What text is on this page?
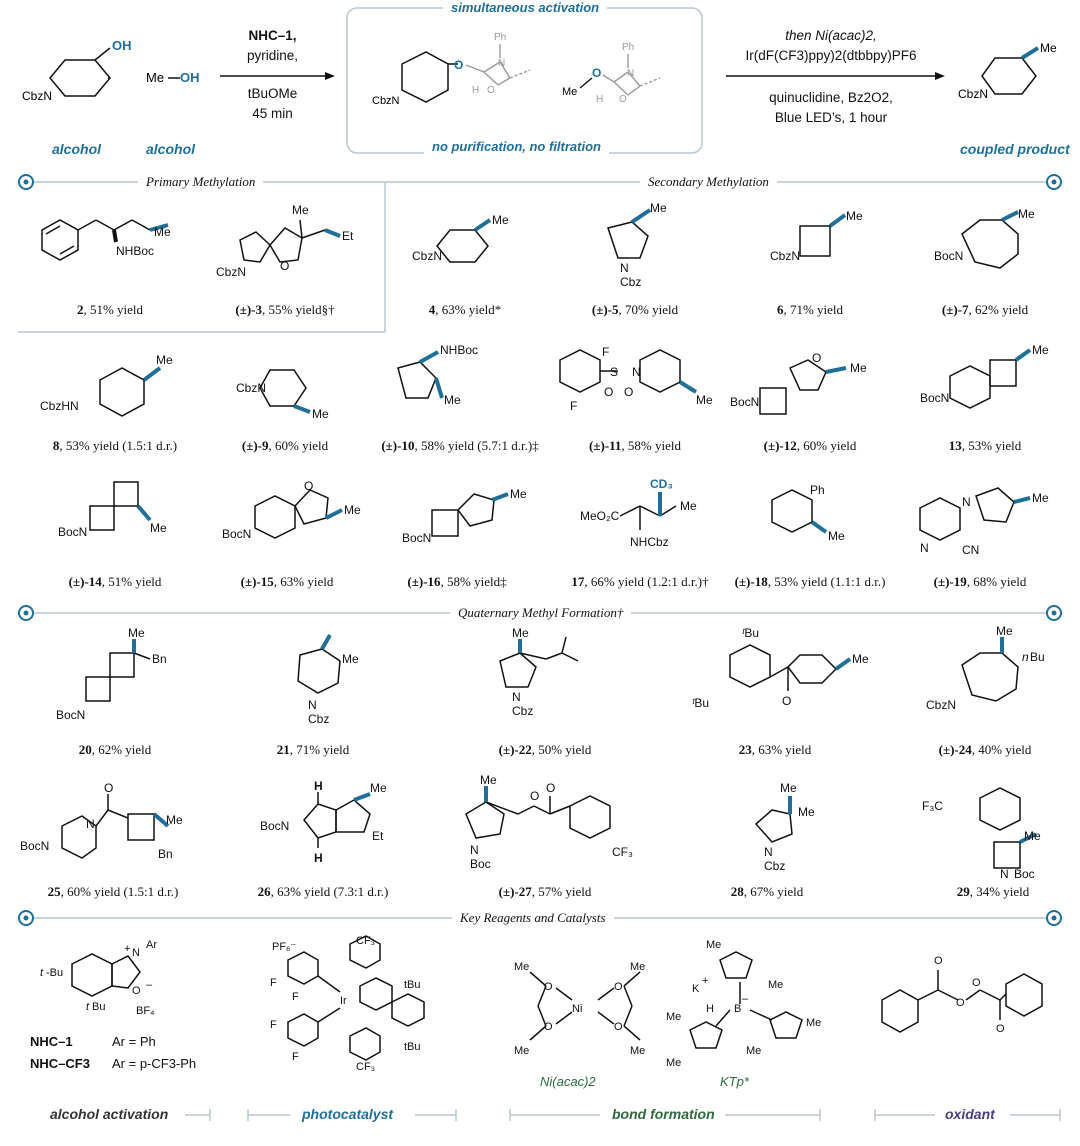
OH
CbzN
Me OH
O
CbzN
Ph
N
O
H	Me
O
Ph
N
O
H
Me
CbzN
alcohol	alcohol
NHC–1,
pyridine,
tBuOMe
45 min
simultaneous activation
no purification, no filtration
then Ni(acac)2,
Ir(dF(CF3)ppy)2(dtbbpy)PF6
quinuclidine, Bz2O2,
Blue LED’s, 1 hour
coupled product
Primary Methylation	Secondary Methylation
Quaternary Methyl Formation†
Key Reagents and Catalysts
Me
NHBoc
CbzN	O
Me
Et
CbzN
Me
N
Cbz
Me
CbzN
Me
BocN
Me
2, 51% yield	(±)-3, 55% yield§†	4, 63% yield*	(±)-5, 70% yield	6, 71% yield	(±)-7, 62% yield
CbzHN
Me
CbzN
Me
NHBoc
Me
F
F
S
O O
N
Me
O
BocN
Me
BocN
Me
8, 53% yield (1.5:1 d.r.)	(±)-9, 60% yield	(±)-10, 58% yield (5.7:1 d.r.)‡	(±)-11, 58% yield	(±)-12, 60% yield	13, 53% yield
BocN	Me	BocN
O
Me
BocN
Me
MeO₂C
NHCbz
Me
CD₃	Ph
Me
N
N
CN
Me
(±)-14, 51% yield	(±)-15, 63% yield	(±)-16, 58% yield‡	17, 66% yield (1.2:1 d.r.)†	(±)-18, 53% yield (1.1:1 d.r.)	(±)-19, 68% yield
BocN
Me
Bn
N
Cbz
Me
N
Cbz
Me	ᵗBu
ᵗBu	O
Me
CbzN
Me
n Bu
20, 62% yield	21, 71% yield	(±)-22, 50% yield	23, 63% yield	(±)-24, 40% yield
BocN
N
O
Me
Bn
BocN
H
H
Me
Et
N
Boc
Me
O
O
CF₃	N
Cbz
Me
Me	F₃C
Me
N Boc
25, 60% yield (1.5:1 d.r.)	26, 63% yield (7.3:1 d.r.)	(±)-27, 57% yield	28, 67% yield	29, 34% yield
t -Bu
t Bu
+ N
Ar
O –
BF₄
PF₆⁻	CF₃
F
F	Ir
F
F
tBu
tBu
CF₃
Me
Me
Me
Me
O
O
Ni
O
O
K
+
Me
Me
H B
–
Me
Me
Me
Me
O
O
O
O
NHC–1	Ar = Ph
NHC–CF3 Ar = p-CF3-Ph
Ni(acac)2	KTp*
alcohol activation	photocatalyst	bond formation	oxidant
